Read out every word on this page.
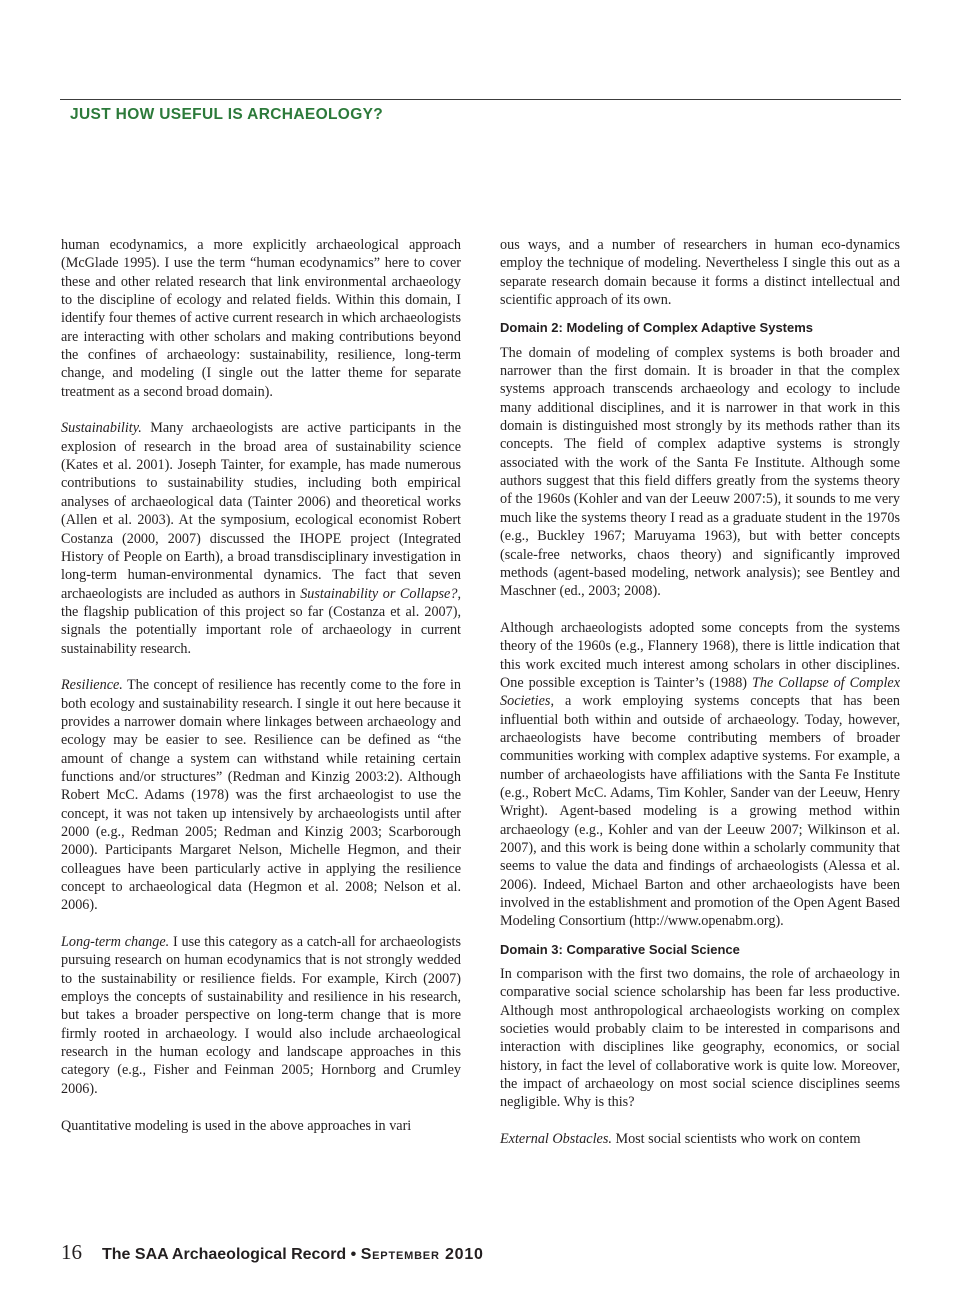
JUST HOW USEFUL IS ARCHAEOLOGY?

human ecodynamics, a more explicitly archaeological approach (McGlade 1995). I use the term “human ecodynamics” here to cover these and other related research that link environmental archaeology to the discipline of ecology and related fields. Within this domain, I identify four themes of active current research in which archaeologists are interacting with other scholars and making contributions beyond the confines of archaeology: sustainability, resilience, long-term change, and modeling (I single out the latter theme for separate treatment as a second broad domain).

Sustainability. Many archaeologists are active participants in the explosion of research in the broad area of sustainability science (Kates et al. 2001). Joseph Tainter, for example, has made numerous contributions to sustainability studies, including both empirical analyses of archaeological data (Tainter 2006) and theoretical works (Allen et al. 2003). At the symposium, ecological economist Robert Costanza (2000, 2007) discussed the IHOPE project (Integrated History of People on Earth), a broad transdisciplinary investigation in long-term human-environmental dynamics. The fact that seven archaeologists are included as authors in Sustainability or Collapse?, the flagship publication of this project so far (Costanza et al. 2007), signals the potentially important role of archaeology in current sustainability research.

Resilience. The concept of resilience has recently come to the fore in both ecology and sustainability research. I single it out here because it provides a narrower domain where linkages between archaeology and ecology may be easier to see. Resilience can be defined as “the amount of change a system can withstand while retaining certain functions and/or structures” (Redman and Kinzig 2003:2). Although Robert McC. Adams (1978) was the first archaeologist to use the concept, it was not taken up intensively by archaeologists until after 2000 (e.g., Redman 2005; Redman and Kinzig 2003; Scarborough 2000). Participants Margaret Nelson, Michelle Hegmon, and their colleagues have been particularly active in applying the resilience concept to archaeological data (Hegmon et al. 2008; Nelson et al. 2006).

Long-term change. I use this category as a catch-all for archaeologists pursuing research on human ecodynamics that is not strongly wedded to the sustainability or resilience fields. For example, Kirch (2007) employs the concepts of sustainability and resilience in his research, but takes a broader perspective on long-term change that is more firmly rooted in archaeology. I would also include archaeological research in the human ecology and landscape approaches in this category (e.g., Fisher and Feinman 2005; Hornborg and Crumley 2006).

Quantitative modeling is used in the above approaches in vari

ous ways, and a number of researchers in human eco-dynamics employ the technique of modeling. Nevertheless I single this out as a separate research domain because it forms a distinct intellectual and scientific approach of its own.

Domain 2: Modeling of Complex Adaptive Systems

The domain of modeling of complex systems is both broader and narrower than the first domain. It is broader in that the complex systems approach transcends archaeology and ecology to include many additional disciplines, and it is narrower in that work in this domain is distinguished most strongly by its methods rather than its concepts. The field of complex adaptive systems is strongly associated with the work of the Santa Fe Institute. Although some authors suggest that this field differs greatly from the systems theory of the 1960s (Kohler and van der Leeuw 2007:5), it sounds to me very much like the systems theory I read as a graduate student in the 1970s (e.g., Buckley 1967; Maruyama 1963), but with better concepts (scale-free networks, chaos theory) and significantly improved methods (agent-based modeling, network analysis); see Bentley and Maschner (ed., 2003; 2008).

Although archaeologists adopted some concepts from the systems theory of the 1960s (e.g., Flannery 1968), there is little indication that this work excited much interest among scholars in other disciplines. One possible exception is Tainter’s (1988) The Collapse of Complex Societies, a work employing systems concepts that has been influential both within and outside of archaeology. Today, however, archaeologists have become contributing members of broader communities working with complex adaptive systems. For example, a number of archaeologists have affiliations with the Santa Fe Institute (e.g., Robert McC. Adams, Tim Kohler, Sander van der Leeuw, Henry Wright). Agent-based modeling is a growing method within archaeology (e.g., Kohler and van der Leeuw 2007; Wilkinson et al. 2007), and this work is being done within a scholarly community that seems to value the data and findings of archaeologists (Alessa et al. 2006). Indeed, Michael Barton and other archaeologists have been involved in the establishment and promotion of the Open Agent Based Modeling Consortium (http://www.openabm.org).

Domain 3: Comparative Social Science

In comparison with the first two domains, the role of archaeology in comparative social science scholarship has been far less productive. Although most anthropological archaeologists working on complex societies would probably claim to be interested in comparisons and interaction with disciplines like geography, economics, or social history, in fact the level of collaborative work is quite low. Moreover, the impact of archaeology on most social science disciplines seems negligible. Why is this?

External Obstacles. Most social scientists who work on contem

16 The SAA Archaeological Record • September 2010
